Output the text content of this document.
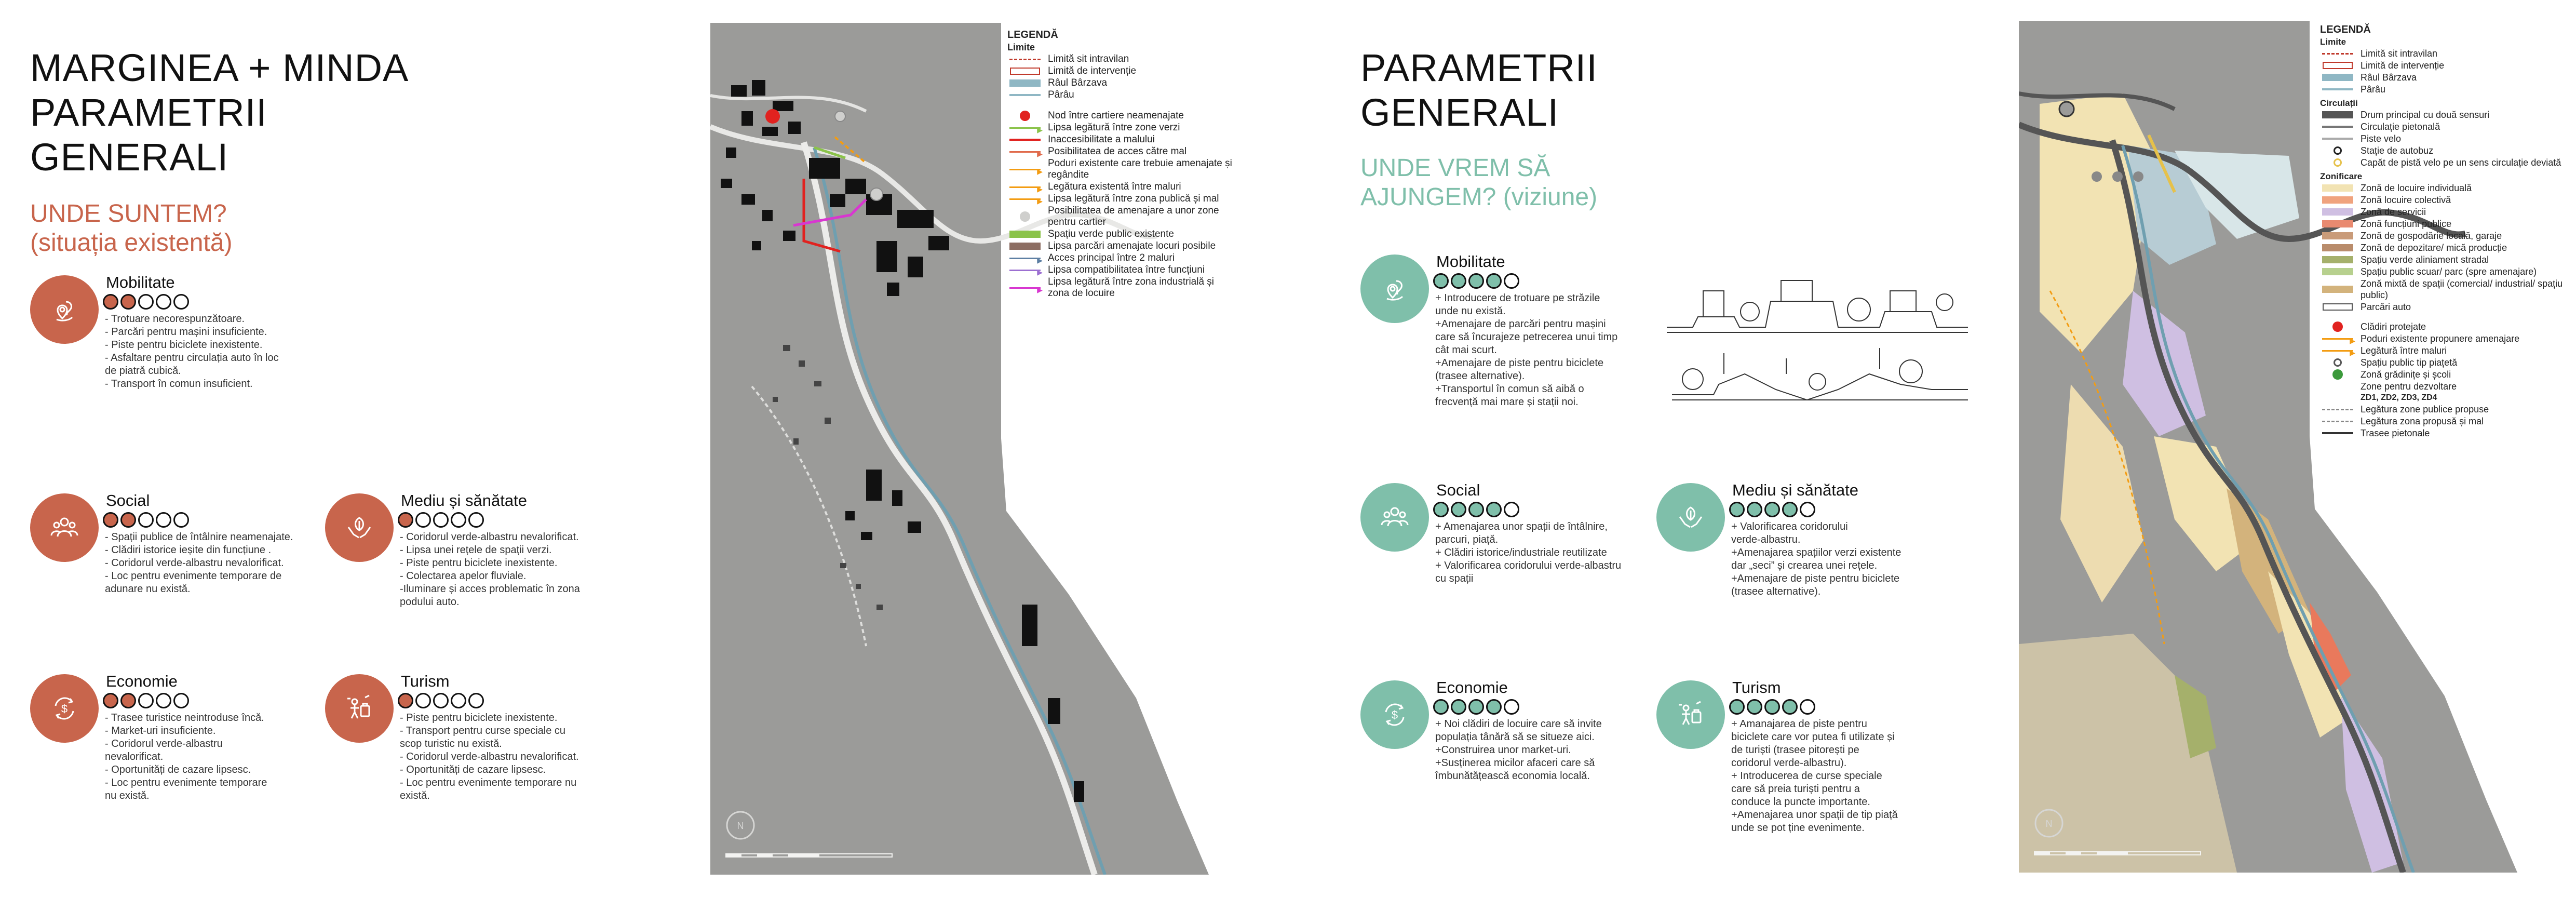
MARGINEA + MINDA
PARAMETRII
GENERALI
UNDE SUNTEM?
(situația existentă)
Mobilitate
- Trotuare necorespunzătoare.
- Parcări pentru mașini insuficiente.
- Piste pentru biciclete inexistente.
- Asfaltare pentru circulația auto în loc
de piatră cubică.
- Transport în comun insuficient.
Social
- Spații publice de întâlnire neamenajate.
- Clădiri istorice ieșite din funcțiune .
- Coridorul verde-albastru nevalorificat.
- Loc pentru evenimente temporare de
adunare nu există.
Mediu și sănătate
- Coridorul verde-albastru nevalorificat.
- Lipsa unei rețele de spații verzi.
- Piste pentru biciclete inexistente.
- Colectarea apelor fluviale.
-Iluminare și acces problematic în zona
podului auto.
$
Economie
- Trasee turistice neintroduse încă.
- Market-uri insuficiente.
- Coridorul verde-albastru
nevalorificat.
- Oportunități de cazare lipsesc.
- Loc pentru evenimente temporare
nu există.
Turism
- Piste pentru biciclete inexistente.
- Transport pentru curse speciale cu
scop turistic nu există.
- Coridorul verde-albastru nevalorificat.
- Oportunități de cazare lipsesc.
- Loc pentru evenimente temporare nu
există.
N
LEGENDĂ
Limite
Limită sit intravilan
Limită de intervenție
Râul Bârzava
Pârâu
Nod între cartiere neamenajate
▶ Lipsa legătură între zone verzi
Inaccesibilitate a malului
▶ Posibilitatea de acces către mal
▶
Poduri existente care trebuie amenajate și regândite
▶ Legătura existentă între maluri
▶ Lipsa legătură între zona publică și mal
Posibilitatea de amenajare a unor zone pentru cartier
Spațiu verde public existente
Lipsa parcări amenajate locuri posibile
▶ Acces principal între 2 maluri
▶ Lipsa compatibilitatea între funcțiuni
▶
Lipsa legătură între zona industrială și zona de locuire
PARAMETRII
GENERALI
UNDE VREM SĂ
AJUNGEM? (viziune)
Mobilitate
+ Introducere de trotuare pe străzile
unde nu există.
+Amenajare de parcări pentru mașini
care să încurajeze petrecerea unui timp
cât mai scurt.
+Amenajare de piste pentru biciclete
(trasee alternative).
+Transportul în comun să aibă o
frecvență mai mare și stații noi.
Social
+ Amenajarea unor spații de întâlnire,
parcuri, piață.
+ Clădiri istorice/industriale reutilizate
+ Valorificarea coridorului verde-albastru
cu spații
Mediu și sănătate
+ Valorificarea coridorului
verde-albastru.
+Amenajarea spațiilor verzi existente
dar „seci” și crearea unei rețele.
+Amenajare de piste pentru biciclete
(trasee alternative).
$
Economie
+ Noi clădiri de locuire care să invite
populația tânără să se situeze aici.
+Construirea unor market-uri.
+Susținerea micilor afaceri care să
îmbunătățească economia locală.
Turism
+ Amanajarea de piste pentru
biciclete care vor putea fi utilizate și
de turiști (trasee pitorești pe
coridorul verde-albastru).
+ Introducerea de curse speciale
care să preia turiști pentru a
conduce la puncte importante.
+Amenajarea unor spații de tip piață
unde se pot ține evenimente.	N
LEGENDĂ
Limite
Limită sit intravilan
Limită de intervenție
Râul Bârzava
Pârâu
Circulații
Drum principal cu două sensuri
Circulație pietonală
Piste velo
Stație de autobuz
Capăt de pistă velo pe un sens circulație deviată
Zonificare
Zonă de locuire individuală
Zonă locuire colectivă
Zonă de servicii
Zonă funcțiuni publice
Zonă de gospodărie locală, garaje
Zonă de depozitare/ mică producție
Spațiu verde aliniament stradal
Spațiu public scuar/ parc (spre amenajare)
Zonă mixtă de spații (comercial/ industrial/ spațiu public)
Parcări auto
Clădiri protejate
▶ Poduri existente propunere amenajare
▶ Legătură între maluri
Spațiu public tip piațetă
Zonă grădinițe și școli
Zone pentru dezvoltare
ZD1, ZD2, ZD3, ZD4
Legătura zone publice propuse
Legătura zona propusă și mal
Trasee pietonale
